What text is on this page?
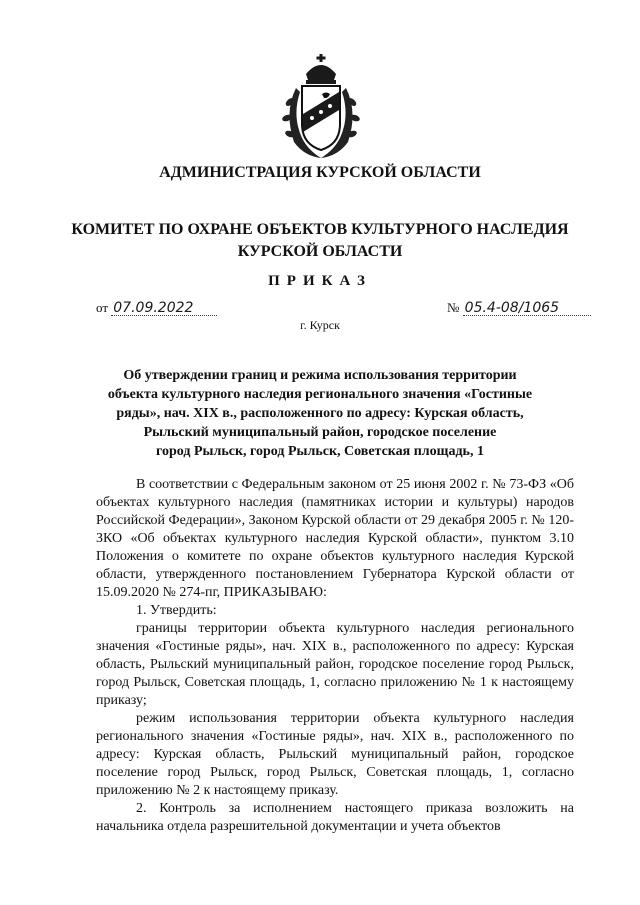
АДМИНИСТРАЦИЯ КУРСКОЙ ОБЛАСТИ
КОМИТЕТ ПО ОХРАНЕ ОБЪЕКТОВ КУЛЬТУРНОГО НАСЛЕДИЯ
КУРСКОЙ ОБЛАСТИ
ПРИКАЗ
от 07.09.2022	№ 05.4-08/1065
г. Курск
Об утверждении границ и режима использования территории
объекта культурного наследия регионального значения «Гостиные
ряды», нач. XIX в., расположенного по адресу: Курская область,
Рыльский муниципальный район, городское поселение
город Рыльск, город Рыльск, Советская площадь, 1

В соответствии с Федеральным законом от 25 июня 2002 г. № 73-ФЗ «Об объектах культурного наследия (памятниках истории и культуры) народов Российской Федерации», Законом Курской области от 29 декабря 2005 г. № 120-ЗКО «Об объектах культурного наследия Курской области», пунктом 3.10 Положения о комитете по охране объектов культурного наследия Курской области, утвержденного постановлением Губернатора Курской области от 15.09.2020 № 274-пг, ПРИКАЗЫВАЮ:

1. Утвердить:

границы территории объекта культурного наследия регионального значения «Гостиные ряды», нач. XIX в., расположенного по адресу: Курская область, Рыльский муниципальный район, городское поселение город Рыльск, город Рыльск, Советская площадь, 1, согласно приложению № 1 к настоящему приказу;

режим использования территории объекта культурного наследия регионального значения «Гостиные ряды», нач. XIX в., расположенного по адресу: Курская область, Рыльский муниципальный район, городское поселение город Рыльск, город Рыльск, Советская площадь, 1, согласно приложению № 2 к настоящему приказу.

2. Контроль за исполнением настоящего приказа возложить на начальника отдела разрешительной документации и учета объектов
